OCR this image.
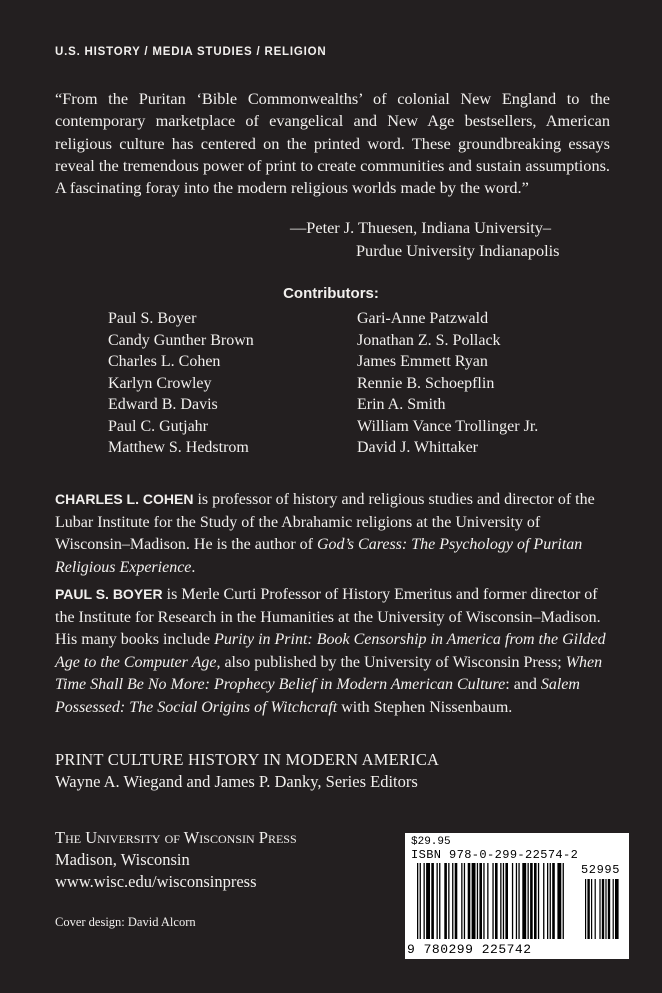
U.S. HISTORY / MEDIA STUDIES / RELIGION
“From the Puritan ‘Bible Commonwealths’ of colonial New England to the contemporary marketplace of evangelical and New Age bestsellers, American religious culture has centered on the printed word. These groundbreaking essays reveal the tremendous power of print to create communities and sustain assumptions. A fascinating foray into the modern religious worlds made by the word.”
—Peter J. Thuesen, Indiana University–
Purdue University Indianapolis
Contributors:
Paul S. Boyer
Candy Gunther Brown
Charles L. Cohen
Karlyn Crowley
Edward B. Davis
Paul C. Gutjahr
Matthew S. Hedstrom
Gari-Anne Patzwald
Jonathan Z. S. Pollack
James Emmett Ryan
Rennie B. Schoepflin
Erin A. Smith
William Vance Trollinger Jr.
David J. Whittaker
CHARLES L. COHEN is professor of history and religious studies and director of the Lubar Institute for the Study of the Abrahamic religions at the University of Wisconsin–Madison. He is the author of God’s Caress: The Psychology of Puritan Religious Experience.
PAUL S. BOYER is Merle Curti Professor of History Emeritus and former director of the Institute for Research in the Humanities at the University of Wisconsin–Madison. His many books include Purity in Print: Book Censorship in America from the Gilded Age to the Computer Age, also published by the University of Wisconsin Press; When Time Shall Be No More: Prophecy Belief in Modern American Culture: and Salem Possessed: The Social Origins of Witchcraft with Stephen Nissenbaum.
PRINT CULTURE HISTORY IN MODERN AMERICA
Wayne A. Wiegand and James P. Danky, Series Editors
The University of Wisconsin Press
Madison, Wisconsin
www.wisc.edu/wisconsinpress
Cover design: David Alcorn
$29.95
ISBN 978-0-299-22574-2
52995
9 780299 225742
